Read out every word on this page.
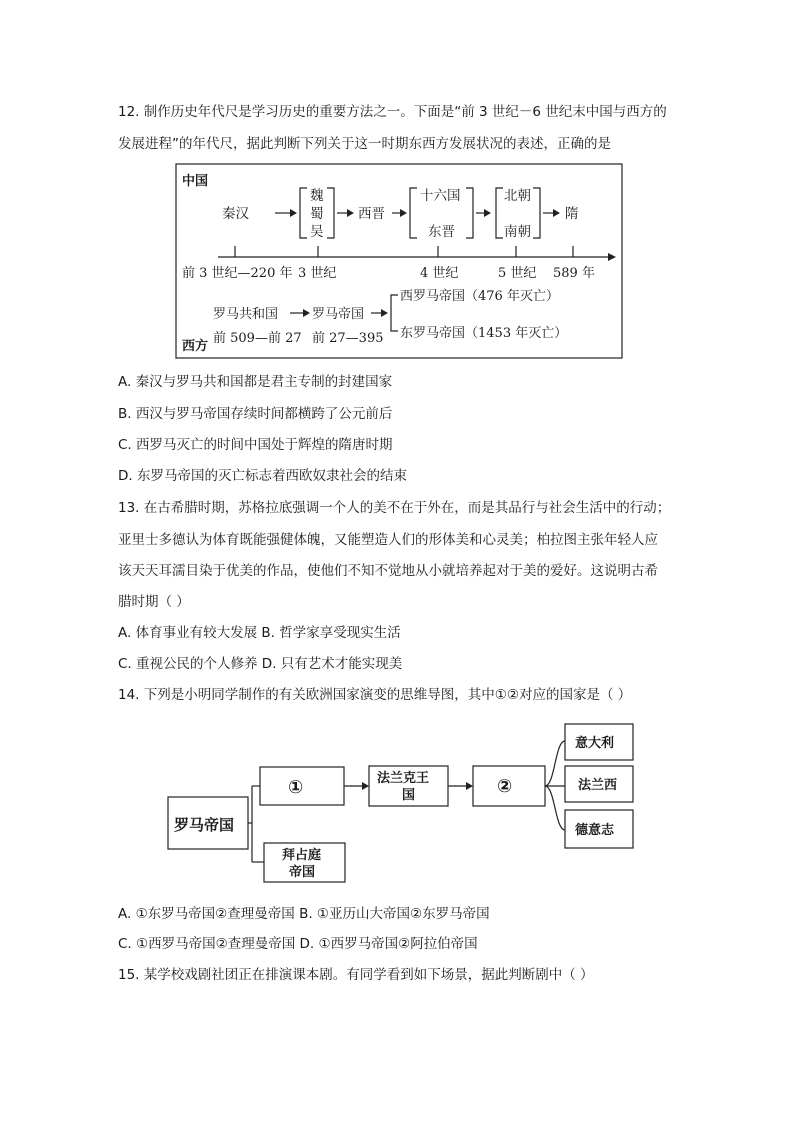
12. 制作历史年代尺是学习历史的重要方法之一。下面是“前 3 世纪－6 世纪末中国与西方的
发展进程”的年代尺，据此判断下列关于这一时期东西方发展状况的表述，正确的是
中国
西方
秦汉
魏
蜀
吴
西晋
十六国
东晋
北朝
南朝
隋
前 3 世纪—220 年 3 世纪	4 世纪	5 世纪 589 年
罗马共和国	罗马帝国
西罗马帝国（476 年灭亡）
东罗马帝国（1453 年灭亡）
前 509—前 27 前 27—395
罗马帝国
①
拜占庭
帝国
法兰克王
国	②
意大利
法兰西
德意志
A. 秦汉与罗马共和国都是君主专制的封建国家
B. 西汉与罗马帝国存续时间都横跨了公元前后
C. 西罗马灭亡的时间中国处于辉煌的隋唐时期
D. 东罗马帝国的灭亡标志着西欧奴隶社会的结束
13. 在古希腊时期，苏格拉底强调一个人的美不在于外在，而是其品行与社会生活中的行动；
亚里士多德认为体育既能强健体魄，又能塑造人们的形体美和心灵美；柏拉图主张年轻人应
该天天耳濡目染于优美的作品，使他们不知不觉地从小就培养起对于美的爱好。这说明古希
腊时期（ ）
A. 体育事业有较大发展 B. 哲学家享受现实生活
C. 重视公民的个人修养 D. 只有艺术才能实现美
14. 下列是小明同学制作的有关欧洲国家演变的思维导图，其中①②对应的国家是（ ）
A. ①东罗马帝国②查理曼帝国 B. ①亚历山大帝国②东罗马帝国
C. ①西罗马帝国②查理曼帝国 D. ①西罗马帝国②阿拉伯帝国
15. 某学校戏剧社团正在排演课本剧。有同学看到如下场景，据此判断剧中（ ）
